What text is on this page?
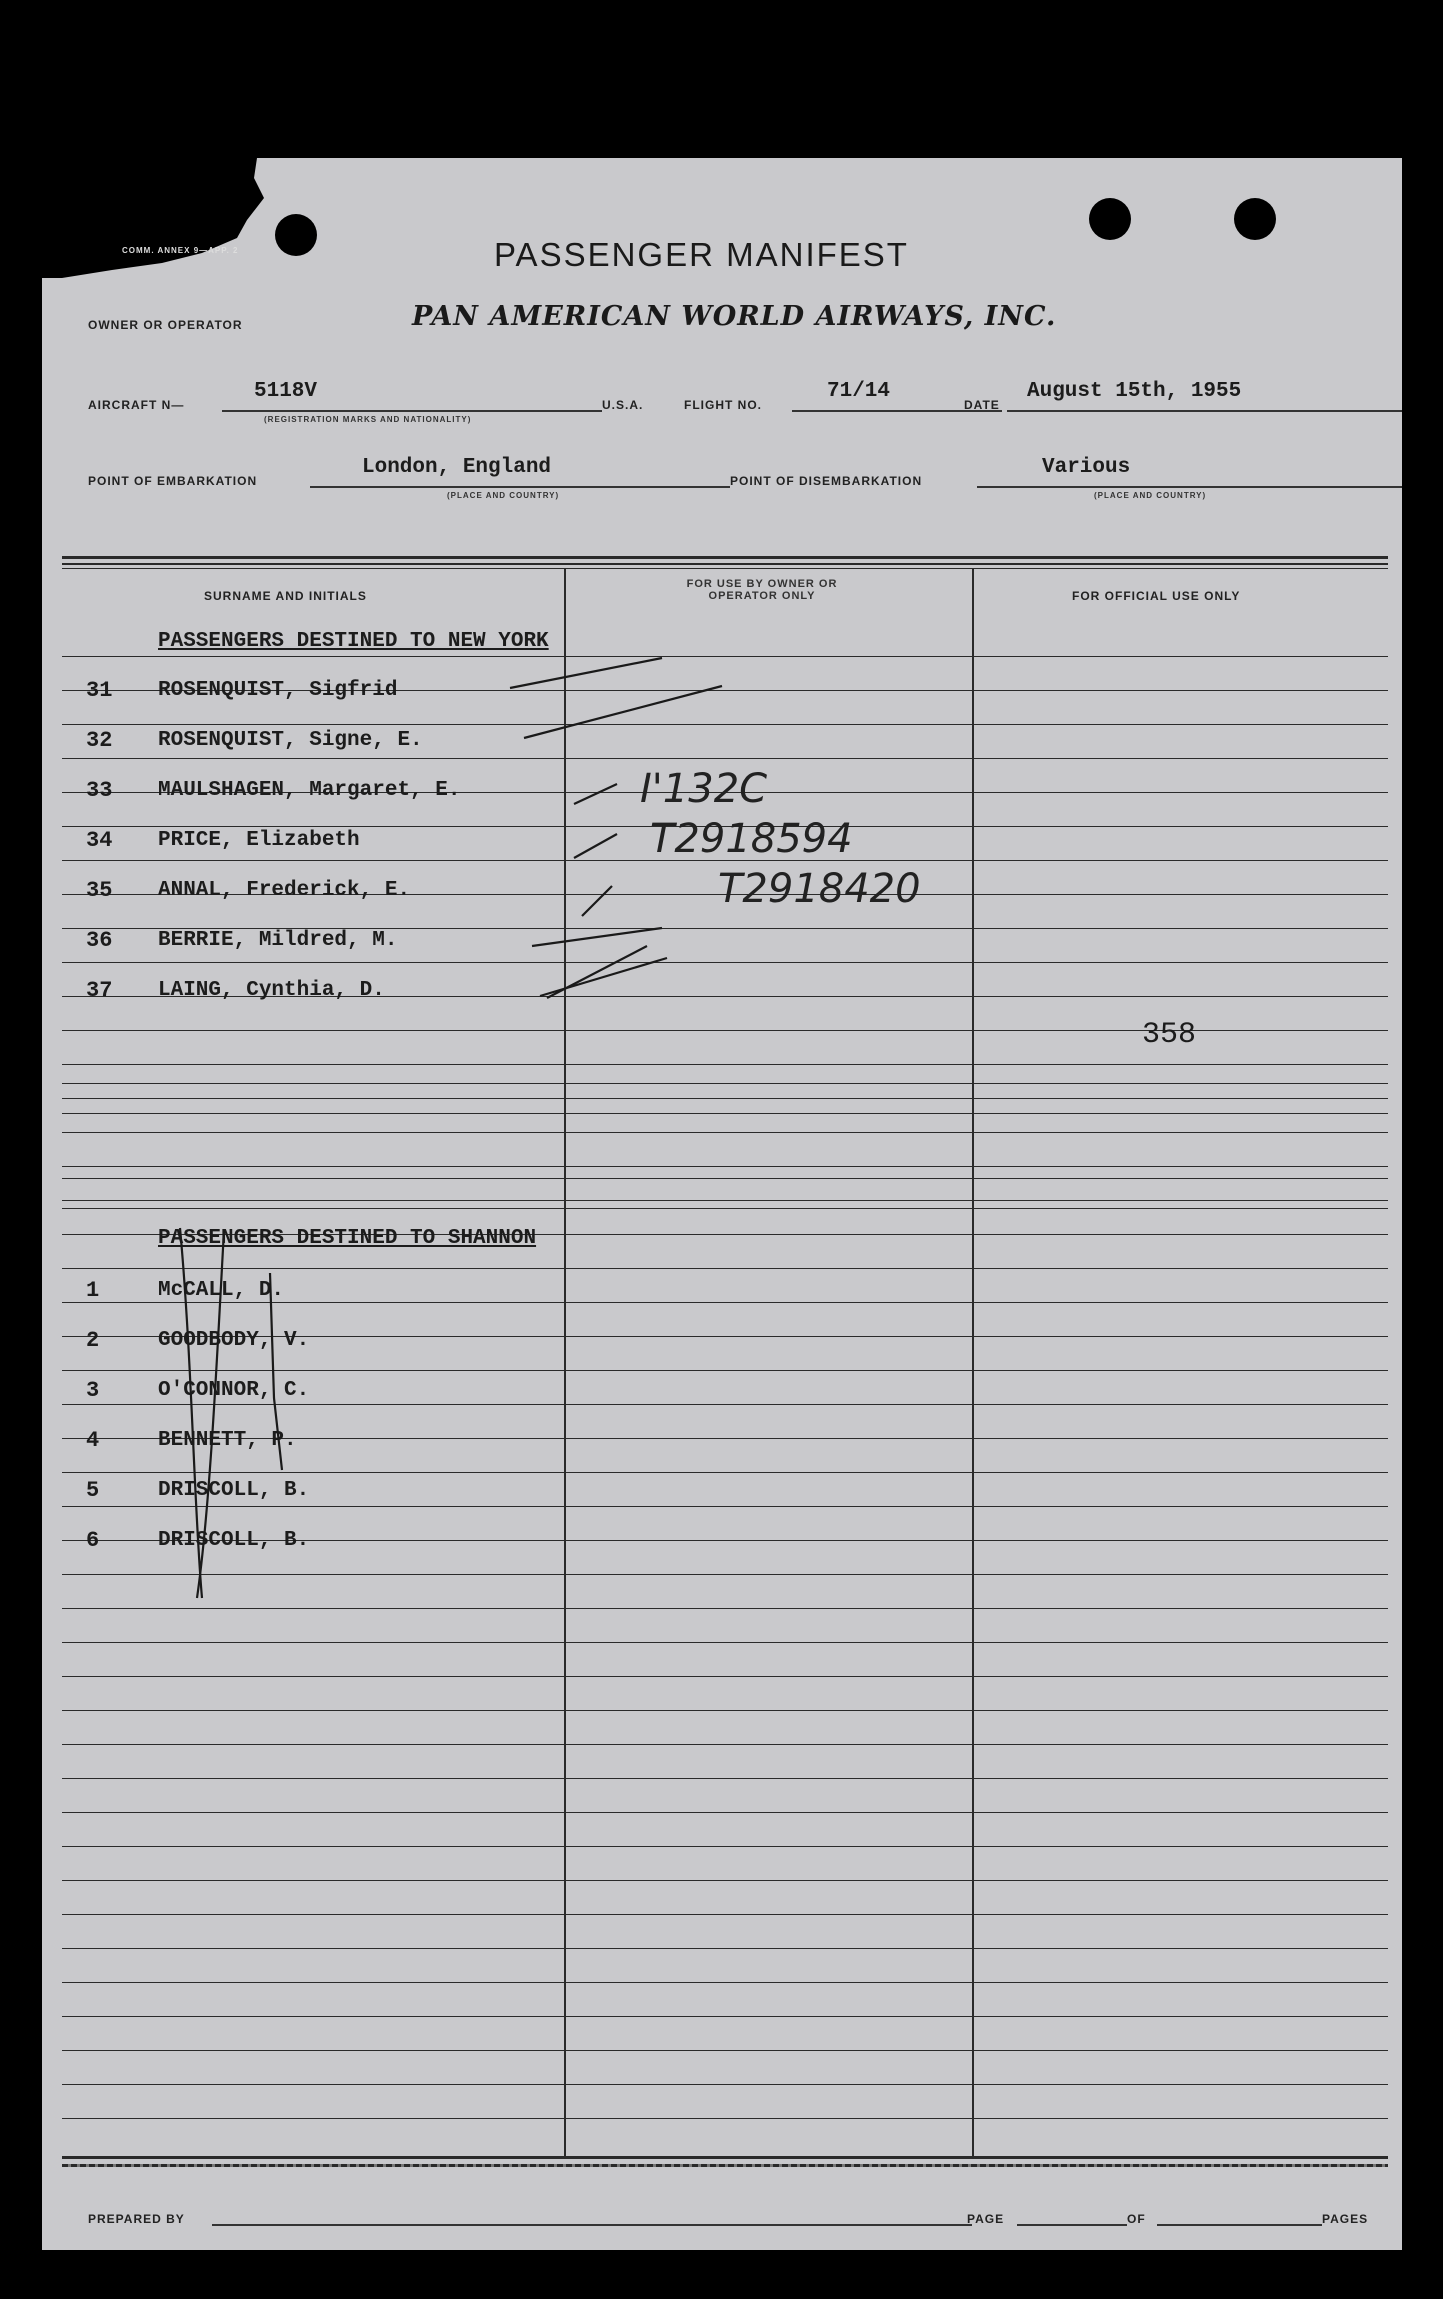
COMM. ANNEX 9—APP. 2	PASSENGER MANIFEST
OWNER OR OPERATOR	PAN AMERICAN WORLD AIRWAYS, INC.
AIRCRAFT N—
5118V
(REGISTRATION MARKS AND NATIONALITY)
U.S.A.	FLIGHT NO.
71/14
DATE
August 15th, 1955
POINT OF EMBARKATION
London, England
(PLACE AND COUNTRY)
POINT OF DISEMBARKATION
Various
(PLACE AND COUNTRY)
SURNAME AND INITIALS
FOR USE BY OWNER OR OPERATOR ONLY	FOR OFFICIAL USE ONLY
PASSENGERS DESTINED TO NEW YORK
31	ROSENQUIST, Sigfrid
32	ROSENQUIST, Signe, E.
33	MAULSHAGEN, Margaret, E.	I'132C
34	PRICE, Elizabeth	T2918594
35	ANNAL, Frederick, E.	T2918420
36	BERRIE, Mildred, M.
37	LAING, Cynthia, D.
358
PASSENGERS DESTINED TO SHANNON
1	McCALL, D.
2	GOODBODY, V.
3	O'CONNOR, C.
4	BENNETT, P.
5	DRISCOLL, B.
6	DRISCOLL, B.
PREPARED BY	PAGE	OF	PAGES
